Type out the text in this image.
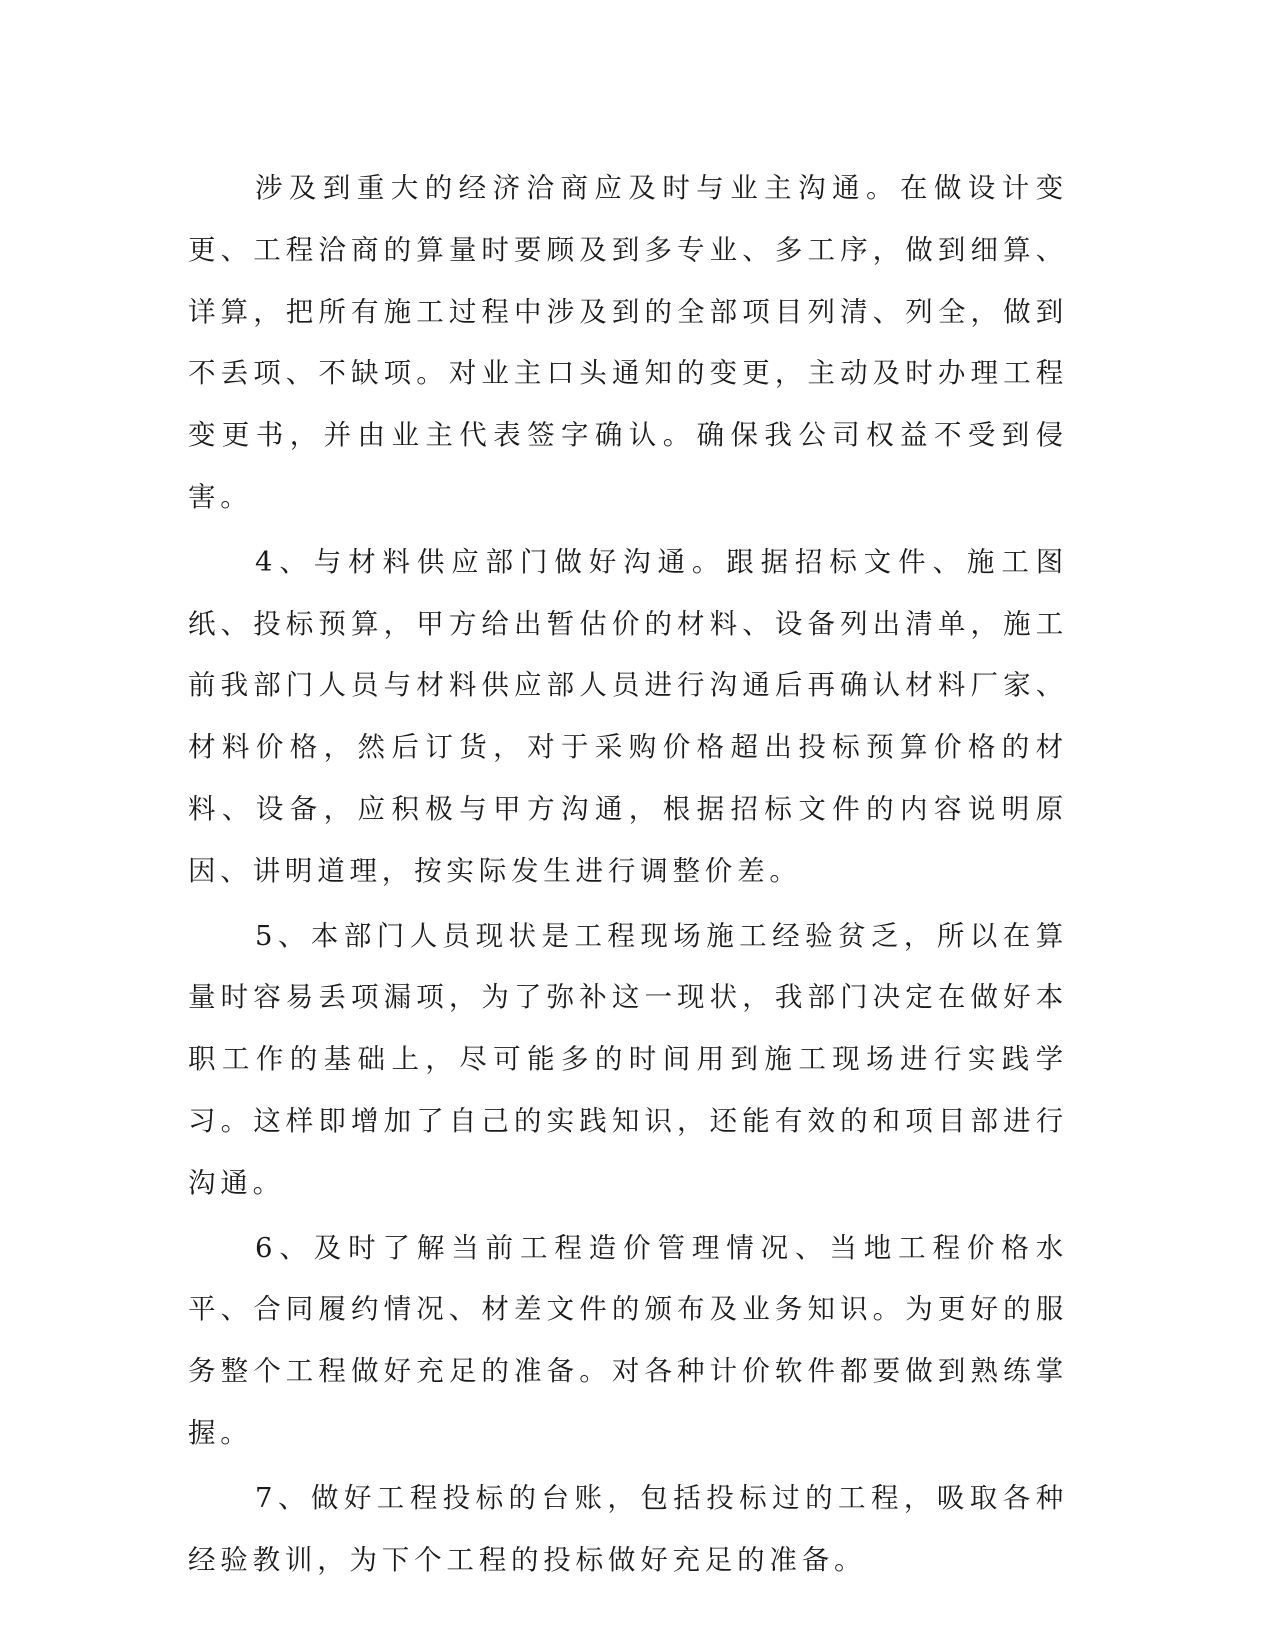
涉及到重大的经济洽商应及时与业主沟通。在做设计变更、工程洽商的算量时要顾及到多专业、多工序，做到细算、详算，把所有施工过程中涉及到的全部项目列清、列全，做到不丢项、不缺项。对业主口头通知的变更，主动及时办理工程变更书，并由业主代表签字确认。确保我公司权益不受到侵害。

4、与材料供应部门做好沟通。跟据招标文件、施工图纸、投标预算，甲方给出暂估价的材料、设备列出清单，施工前我部门人员与材料供应部人员进行沟通后再确认材料厂家、材料价格，然后订货，对于采购价格超出投标预算价格的材料、设备，应积极与甲方沟通，根据招标文件的内容说明原因、讲明道理，按实际发生进行调整价差。

5、本部门人员现状是工程现场施工经验贫乏，所以在算量时容易丢项漏项，为了弥补这一现状，我部门决定在做好本职工作的基础上，尽可能多的时间用到施工现场进行实践学习。这样即增加了自己的实践知识，还能有效的和项目部进行沟通。

6、及时了解当前工程造价管理情况、当地工程价格水平、合同履约情况、材差文件的颁布及业务知识。为更好的服务整个工程做好充足的准备。对各种计价软件都要做到熟练掌握。

7、做好工程投标的台账，包括投标过的工程，吸取各种经验教训，为下个工程的投标做好充足的准备。
